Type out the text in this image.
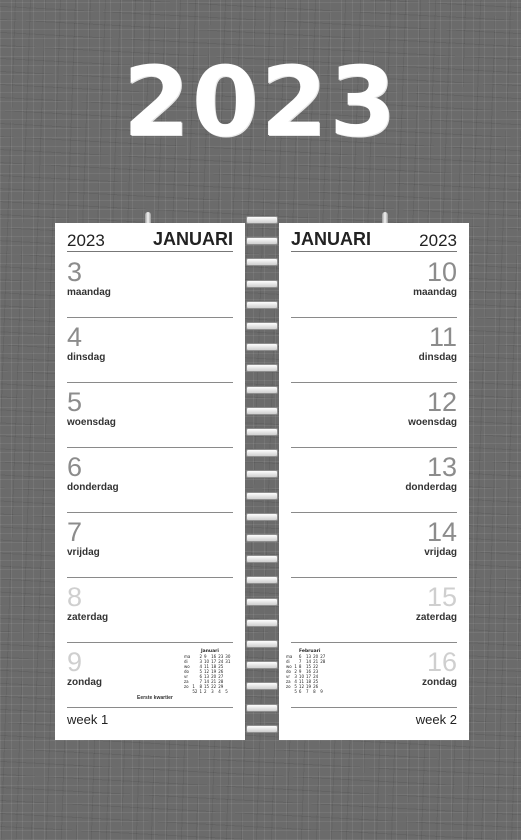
2023
2023	JANUARI
3
maandag
4
dinsdag
5
woensdag
6
donderdag
7
vrijdag
8
zaterdag
9
zondag
Eerste kwartier
Januari
ma		2	9	16	23	30
di		3	10	17	24	31
wo		4	11	18	25	
do		5	12	19	26	
vr		6	13	20	27	
za		7	14	21	28	
zo	1	8	15	22	29	
	52	1	2	3	4	5
week 1
JANUARI	2023
10
maandag
11
dinsdag
12
woensdag
13
donderdag
14
vrijdag
15
zaterdag
16
zondag
Februari
ma		6	13	20	27
di		7	14	21	28
wo	1	8	15	22	
do	2	9	16	23	
vr	3	10	17	24	
za	4	11	18	25	
zo	5	12	19	26	
	5	6	7	8	9
week 2
